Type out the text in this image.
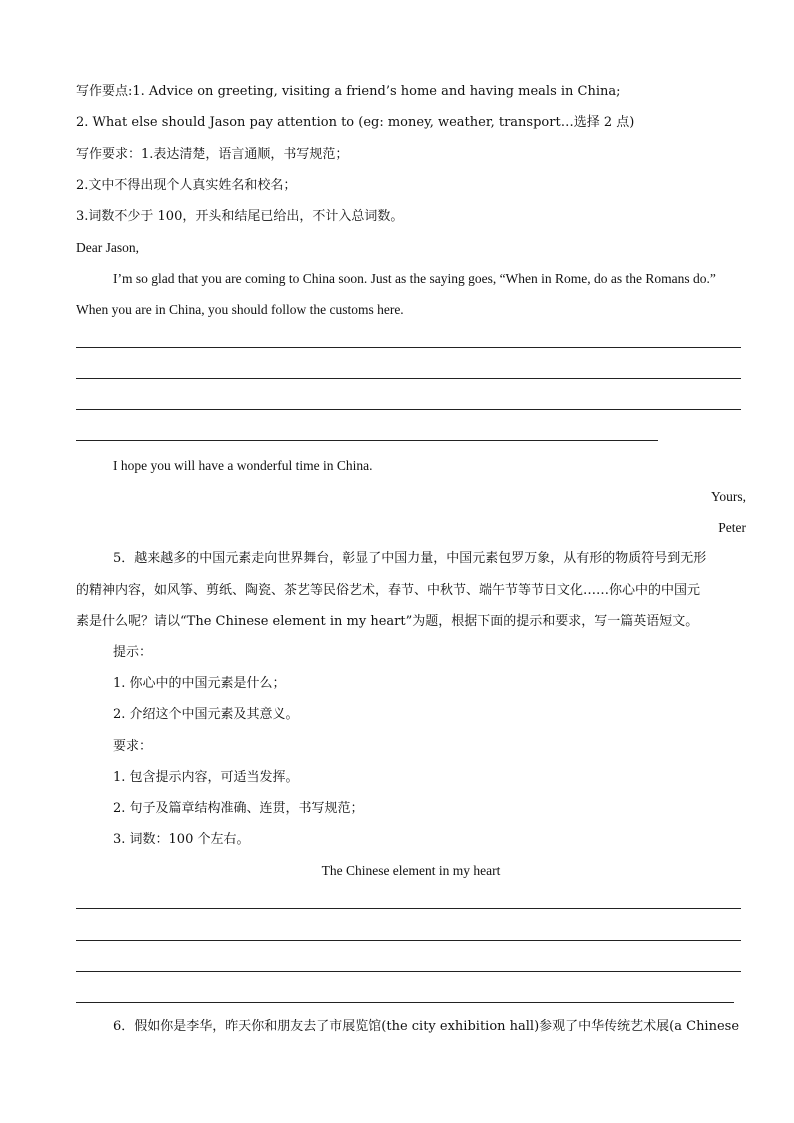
写作要点:1. Advice on greeting, visiting a friend’s home and having meals in China;
2. What else should Jason pay attention to (eg: money, weather, transport…选择 2 点)
写作要求：1.表达清楚，语言通顺，书写规范；
2.文中不得出现个人真实姓名和校名；
3.词数不少于 100，开头和结尾已给出，不计入总词数。
Dear Jason,
I’m so glad that you are coming to China soon. Just as the saying goes, “When in Rome, do as the Romans do.”
When you are in China, you should follow the customs here.
I hope you will have a wonderful time in China.
Yours,
Peter
5．越来越多的中国元素走向世界舞台，彰显了中国力量，中国元素包罗万象，从有形的物质符号到无形
的精神内容，如风筝、剪纸、陶瓷、茶艺等民俗艺术，春节、中秋节、端午节等节日文化……你心中的中国元
素是什么呢？请以“The Chinese element in my heart”为题，根据下面的提示和要求，写一篇英语短文。
提示：
1. 你心中的中国元素是什么；
2. 介绍这个中国元素及其意义。
要求：
1. 包含提示内容，可适当发挥。
2. 句子及篇章结构准确、连贯，书写规范；
3. 词数：100 个左右。
The Chinese element in my heart
6．假如你是李华，昨天你和朋友去了市展览馆(the city exhibition hall)参观了中华传统艺术展(a Chinese
